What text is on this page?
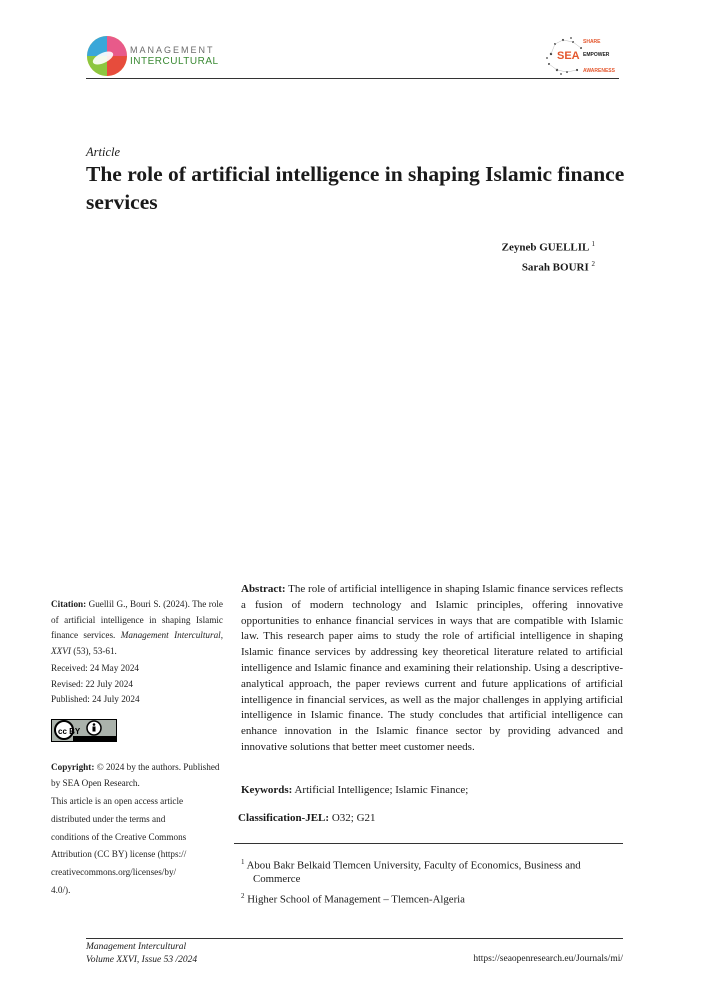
MANAGEMENT
INTERCULTURAL	SEA
SHARE
EMPOWER
AWARENESS
Article
The role of artificial intelligence in shaping Islamic finance services
Zeyneb GUELLIL $^1$
Sarah BOURI $^2$
Citation: Guellil G., Bouri S. (2024). The role of artificial intelligence in shaping Islamic finance services. Management Intercultural, XXVI (53), 53-61.
Received: 24 May 2024
Revised: 22 July 2024
Published: 24 July 2024
cc BY
Copyright: © 2024 by the authors. Published by SEA Open Research.
This article is an open access article distributed under the terms and conditions of the Creative Commons Attribution (CC BY) license (https:// creativecommons.org/licenses/by/ 4.0/).
Abstract: The role of artificial intelligence in shaping Islamic finance services reflects a fusion of modern technology and Islamic principles, offering innovative opportunities to enhance financial services in ways that are compatible with Islamic law. This research paper aims to study the role of artificial intelligence in shaping Islamic finance services by addressing key theoretical literature related to artificial intelligence and Islamic finance and examining their relationship. Using a descriptive-analytical approach, the paper reviews current and future applications of artificial intelligence in financial services, as well as the major challenges in applying artificial intelligence in Islamic finance. The study concludes that artificial intelligence can enhance innovation in the Islamic finance sector by providing advanced and innovative solutions that better meet customer needs.
Keywords: Artificial Intelligence; Islamic Finance;
Classification-JEL: O32; G21
$^1$ Abou Bakr Belkaid Tlemcen University, Faculty of Economics, Business and Commerce
$^2$ Higher School of Management – Tlemcen-Algeria
Management Intercultural
Volume XXVI, Issue 53 /2024	https://seaopenresearch.eu/Journals/mi/
